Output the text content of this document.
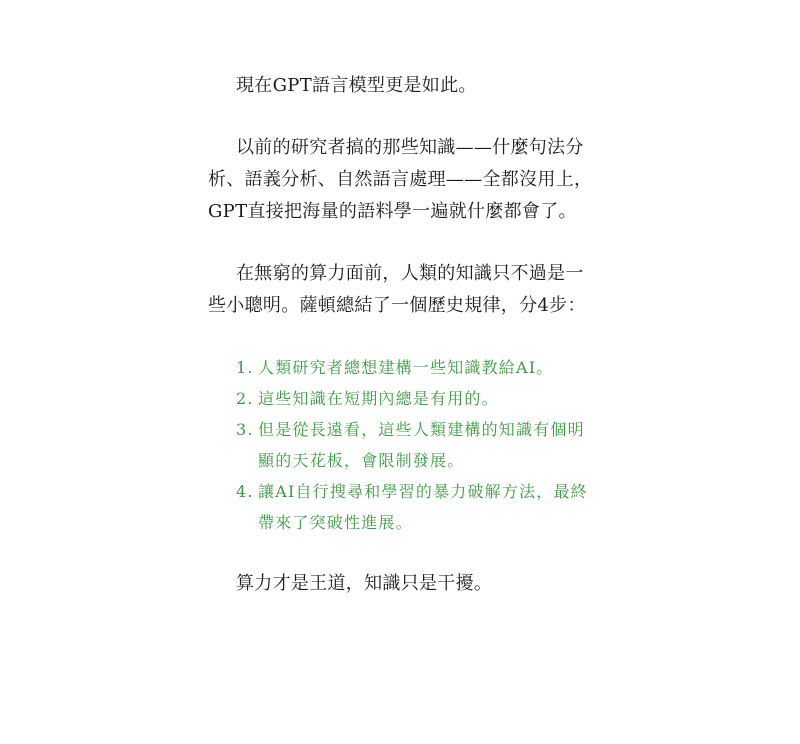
現在GPT語言模型更是如此。

以前的研究者搞的那些知識——什麼句法分析、語義分析、自然語言處理——全都沒用上，GPT直接把海量的語料學一遍就什麼都會了。

在無窮的算力面前，人類的知識只不過是一些小聰明。薩頓總結了一個歷史規律，分4步：

1. 人類研究者總想建構一些知識教給AI。
2. 這些知識在短期內總是有用的。
3. 但是從長遠看，這些人類建構的知識有個明顯的天花板，會限制發展。
4. 讓AI自行搜尋和學習的暴力破解方法，最終帶來了突破性進展。

算力才是王道，知識只是干擾。
